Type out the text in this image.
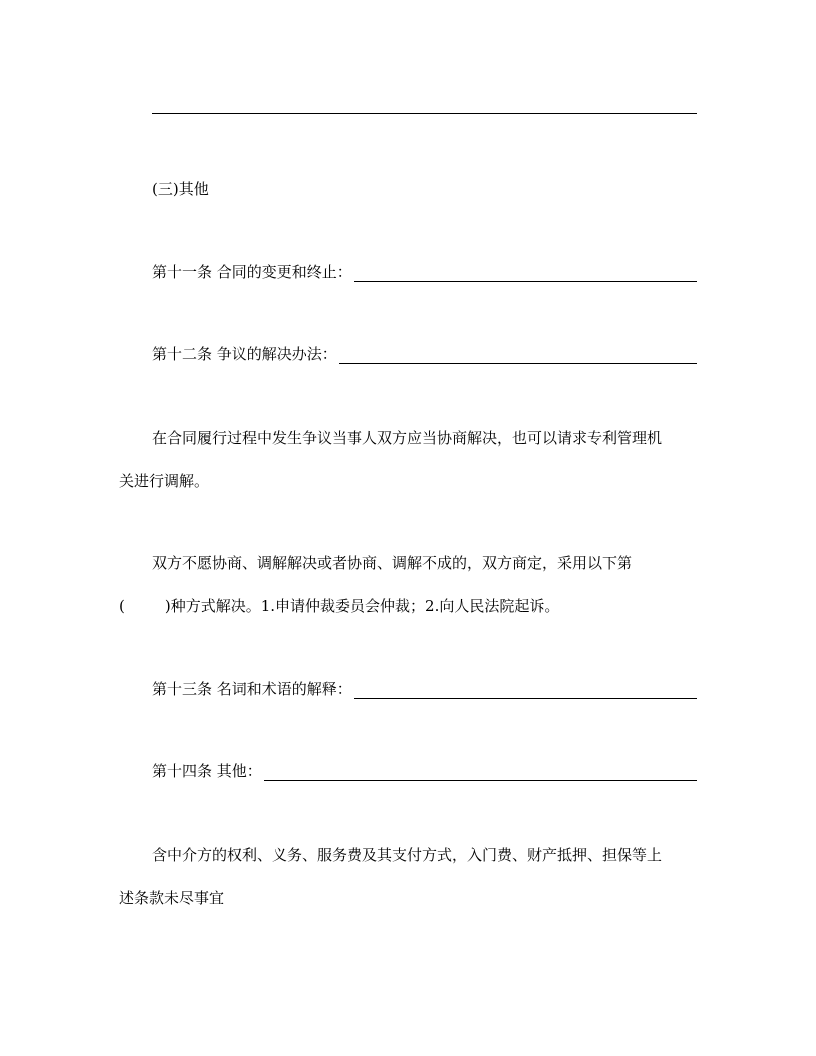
(三)其他
第十一条 合同的变更和终止：
第十二条 争议的解决办法：
在合同履行过程中发生争议当事人双方应当协商解决，也可以请求专利管理机
关进行调解。
双方不愿协商、调解解决或者协商、调解不成的，双方商定，采用以下第
(	)种方式解决。1.申请仲裁委员会仲裁；2.向人民法院起诉。
第十三条 名词和术语的解释：
第十四条 其他：
含中介方的权利、义务、服务费及其支付方式，入门费、财产抵押、担保等上
述条款未尽事宜
